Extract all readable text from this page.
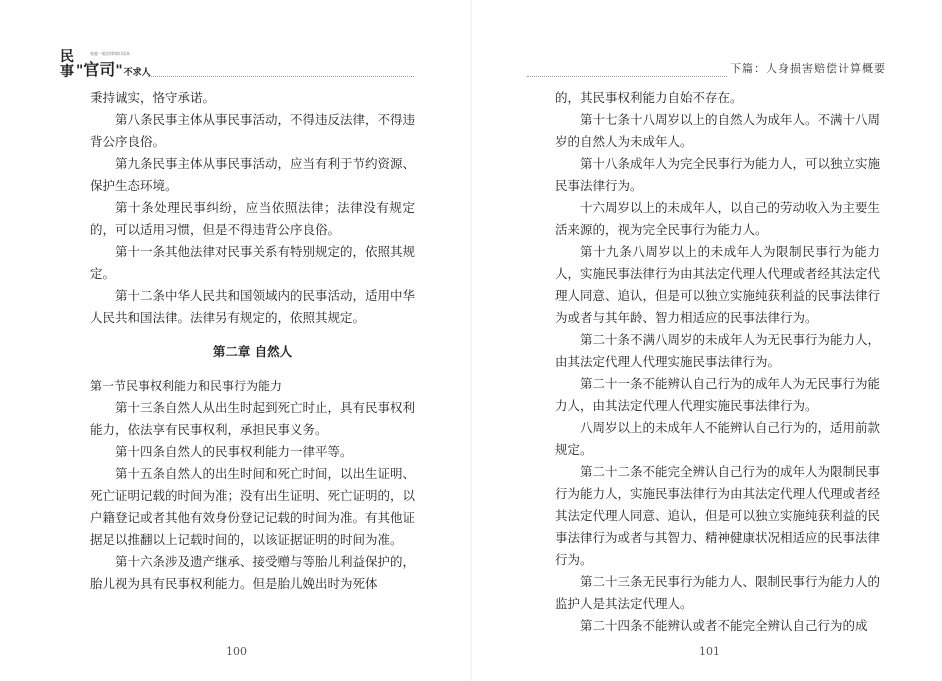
民
事
家庭一般法律知识读本
" 官司 " 不求人

秉持诚实，恪守承诺。

第八条民事主体从事民事活动，不得违反法律，不得违背公序良俗。

第九条民事主体从事民事活动，应当有利于节约资源、保护生态环境。

第十条处理民事纠纷，应当依照法律；法律没有规定的，可以适用习惯，但是不得违背公序良俗。

第十一条其他法律对民事关系有特别规定的，依照其规定。

第十二条中华人民共和国领域内的民事活动，适用中华人民共和国法律。法律另有规定的，依照其规定。

第二章 自然人
第一节民事权利能力和民事行为能力

第十三条自然人从出生时起到死亡时止，具有民事权利能力，依法享有民事权利，承担民事义务。

第十四条自然人的民事权利能力一律平等。

第十五条自然人的出生时间和死亡时间，以出生证明、死亡证明记载的时间为准；没有出生证明、死亡证明的，以户籍登记或者其他有效身份登记记载的时间为准。有其他证据足以推翻以上记载时间的，以该证据证明的时间为准。

第十六条涉及遗产继承、接受赠与等胎儿利益保护的，胎儿视为具有民事权利能力。但是胎儿娩出时为死体

100
下篇：人身损害赔偿计算概要

的，其民事权利能力自始不存在。

第十七条十八周岁以上的自然人为成年人。不满十八周岁的自然人为未成年人。

第十八条成年人为完全民事行为能力人，可以独立实施民事法律行为。

十六周岁以上的未成年人，以自己的劳动收入为主要生活来源的，视为完全民事行为能力人。

第十九条八周岁以上的未成年人为限制民事行为能力人，实施民事法律行为由其法定代理人代理或者经其法定代理人同意、追认，但是可以独立实施纯获利益的民事法律行为或者与其年龄、智力相适应的民事法律行为。

第二十条不满八周岁的未成年人为无民事行为能力人，由其法定代理人代理实施民事法律行为。

第二十一条不能辨认自己行为的成年人为无民事行为能力人，由其法定代理人代理实施民事法律行为。

八周岁以上的未成年人不能辨认自己行为的，适用前款规定。

第二十二条不能完全辨认自己行为的成年人为限制民事行为能力人，实施民事法律行为由其法定代理人代理或者经其法定代理人同意、追认，但是可以独立实施纯获利益的民事法律行为或者与其智力、精神健康状况相适应的民事法律行为。

第二十三条无民事行为能力人、限制民事行为能力人的监护人是其法定代理人。

第二十四条不能辨认或者不能完全辨认自己行为的成

101
